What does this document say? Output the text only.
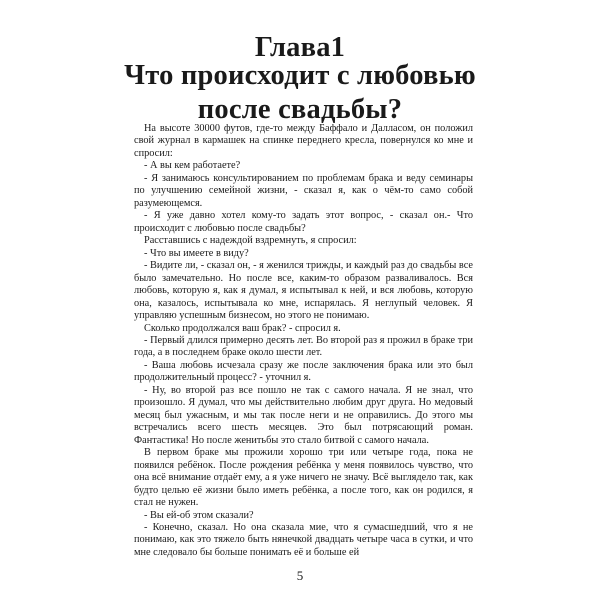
Глава1
Что происходит с любовью
после свадьбы?

На высоте 30000 футов, где-то между Баффало и Далласом, он положил свой журнал в кармашек на спинке переднего кресла, повернулся ко мне и спросил:

- А вы кем работаете?

- Я занимаюсь консультированием по проблемам брака и веду семинары по улучшению семейной жизни, - сказал я, как о чём-то само собой разумеющемся.

- Я уже давно хотел кому-то задать этот вопрос, - сказал он.- Что происходит с любовью после свадьбы?

Расставшись с надеждой вздремнуть, я спросил:

- Что вы имеете в виду?

- Видите ли, - сказал он, - я женился трижды, и каждый раз до свадьбы все было замечательно. Но после все, каким-то образом разваливалось. Вся любовь, которую я, как я думал, я испытывал к ней, и вся любовь, которую она, казалось, испытывала ко мне, испарялась. Я неглупый человек. Я управляю успешным бизнесом, но этого не понимаю.

Сколько продолжался ваш брак? - спросил я.

- Первый длился примерно десять лет. Во второй раз я прожил в браке три года, а в последнем браке около шести лет.

- Ваша любовь исчезала сразу же после заключения брака или это был продолжительный процесс? - уточнил я.

- Ну, во второй раз все пошло не так с самого начала. Я не знал, что произошло. Я думал, что мы действительно любим друг друга. Но медовый месяц был ужасным, и мы так после неги и не оправились. До этого мы встречались всего шесть месяцев. Это был потрясающий роман. Фантастика! Но после женитьбы это стало битвой с самого начала.

В первом браке мы прожили хорошо три или четыре года, пока не появился ребёнок. После рождения ребёнка у меня появилось чувство, что она всё внимание отдаёт ему, а я уже ничего не значу. Всё выглядело так, как будто целью её жизни было иметь ребёнка, а после того, как он родился, я стал не нужен.

- Вы ей-об этом сказали?

- Конечно, сказал. Но она сказала мие, что я сумасшедший, что я не понимаю, как это тяжело быть нянечкой двадцать четыре часа в сутки, и что мне следовало бы больше понимать её и больше ей

5
